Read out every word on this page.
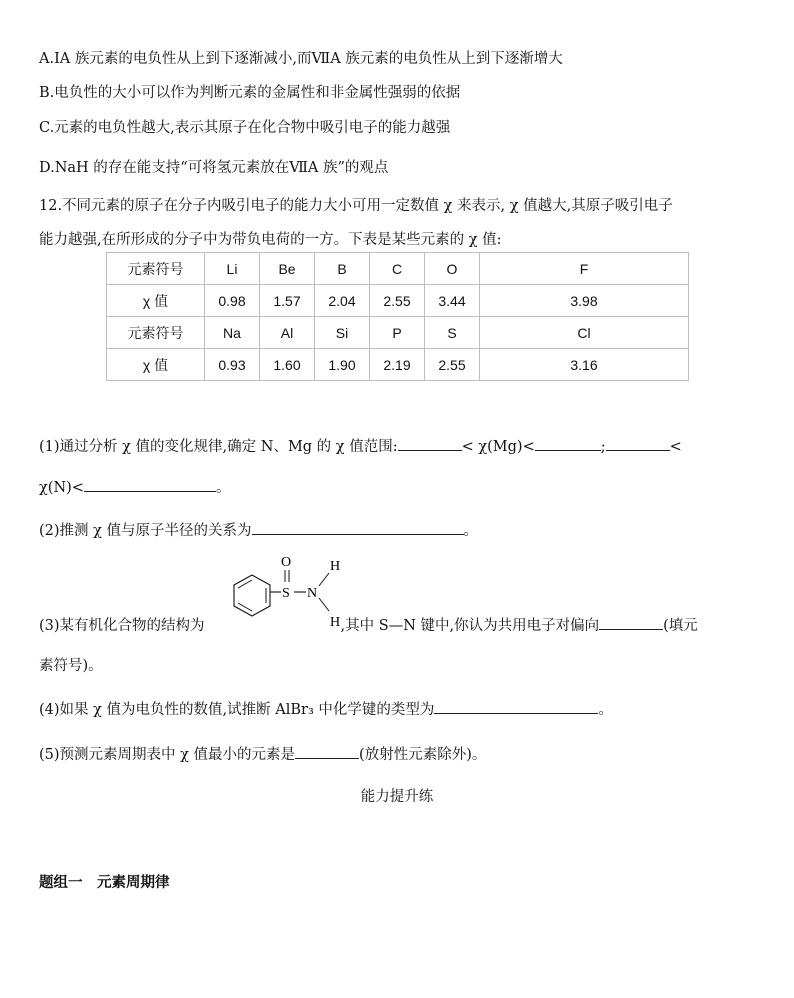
A.ⅠA 族元素的电负性从上到下逐渐减小,而ⅦA 族元素的电负性从上到下逐渐增大
B.电负性的大小可以作为判断元素的金属性和非金属性强弱的依据
C.元素的电负性越大,表示其原子在化合物中吸引电子的能力越强
D.NaH 的存在能支持“可将氢元素放在ⅦA 族”的观点
12.不同元素的原子在分子内吸引电子的能力大小可用一定数值 χ 来表示, χ 值越大,其原子吸引电子
能力越强,在所形成的分子中为带负电荷的一方。下表是某些元素的 χ 值:
元素符号	Li	Be	B	C	O	F
χ 值	0.98	1.57	2.04	2.55	3.44	3.98
元素符号	Na	Al	Si	P	S	Cl
χ 值	0.93	1.60	1.90	2.19	2.55	3.16
(1)通过分析 χ 值的变化规律,确定 N、Mg 的 χ 值范围:	< χ(Mg)<	;	<
χ(N)<	。
(2)推测 χ 值与原子半径的关系为	。
S
O
N
H
H
(3)某有机化合物的结构为	,其中 S—N 键中,你认为共用电子对偏向	(填元
素符号)。
(4)如果 χ 值为电负性的数值,试推断 AlBr₃ 中化学键的类型为	。
(5)预测元素周期表中 χ 值最小的元素是	(放射性元素除外)。
能力提升练
题组一　元素周期律
